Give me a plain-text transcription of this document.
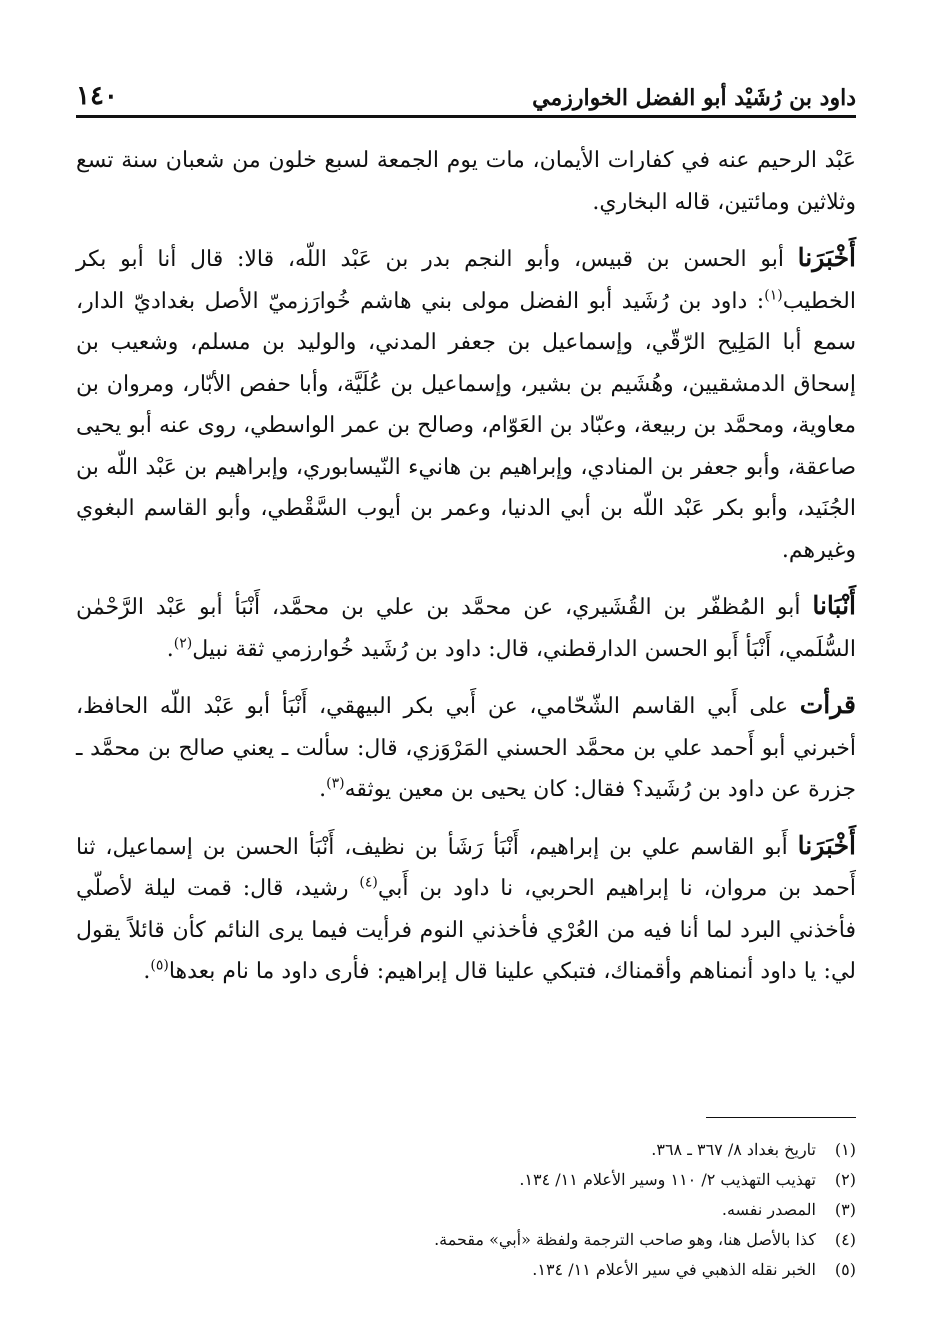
داود بن رُشَيْد أبو الفضل الخوارزمي
١٤٠

عَبْد الرحيم عنه في كفارات الأيمان، مات يوم الجمعة لسبع خلون من شعبان سنة تسع وثلاثين ومائتين، قاله البخاري.

أَخْبَرَنا أبو الحسن بن قبيس، وأبو النجم بدر بن عَبْد اللّه، قالا: قال أنا أبو بكر الخطيب$^{(١)}$: داود بن رُشَيد أبو الفضل مولى بني هاشم خُوارَزميّ الأصل بغداديّ الدار، سمع أبا المَلِيح الرّقّي، وإسماعيل بن جعفر المدني، والوليد بن مسلم، وشعيب بن إسحاق الدمشقيين، وهُشَيم بن بشير، وإسماعيل بن عُلَيَّة، وأبا حفص الأبّار، ومروان بن معاوية، ومحمَّد بن ربيعة، وعبّاد بن العَوّام، وصالح بن عمر الواسطي، روى عنه أبو يحيى صاعقة، وأبو جعفر بن المنادي، وإبراهيم بن هانيء النّيسابوري، وإبراهيم بن عَبْد اللّه بن الجُنَيد، وأبو بكر عَبْد اللّه بن أبي الدنيا، وعمر بن أيوب السَّقْطي، وأبو القاسم البغوي وغيرهم.

أَنْبَانا أبو المُظفّر بن القُشَيري، عن محمَّد بن علي بن محمَّد، أَنْبَأ أبو عَبْد الرَّحْمٰن السُّلَمي، أَنْبَأ أَبو الحسن الدارقطني، قال: داود بن رُشَيد خُوارزمي ثقة نبيل$^{(٢)}$.

قرأت على أَبي القاسم الشّحّامي، عن أَبي بكر البيهقي، أَنْبَأ أبو عَبْد اللّه الحافظ، أخبرني أبو أَحمد علي بن محمَّد الحسني المَرْوَزي، قال: سألت ـ يعني صالح بن محمَّد ـ جزرة عن داود بن رُشَيد؟ فقال: كان يحيى بن معين يوثقه$^{(٣)}$.

أَخْبَرَنا أَبو القاسم علي بن إبراهيم، أَنْبَأ رَشَأ بن نظيف، أَنْبَأ الحسن بن إسماعيل، ثنا أَحمد بن مروان، نا إبراهيم الحربي، نا داود بن أَبي$^{(٤)}$ رشيد، قال: قمت ليلة لأصلّي فأخذني البرد لما أنا فيه من العُرْي فأخذني النوم فرأيت فيما يرى النائم كأن قائلاً يقول لي: يا داود أنمناهم وأقمناك، فتبكي علينا قال إبراهيم: فأرى داود ما نام بعدها$^{(٥)}$.

(١)
تاريخ بغداد ٨/ ٣٦٧ ـ ٣٦٨.
(٢)
تهذيب التهذيب ٢/ ١١٠ وسير الأعلام ١١/ ١٣٤.
(٣)
المصدر نفسه.
(٤)
كذا بالأصل هنا، وهو صاحب الترجمة ولفظة «أبي» مقحمة.
(٥)
الخبر نقله الذهبي في سير الأعلام ١١/ ١٣٤.
